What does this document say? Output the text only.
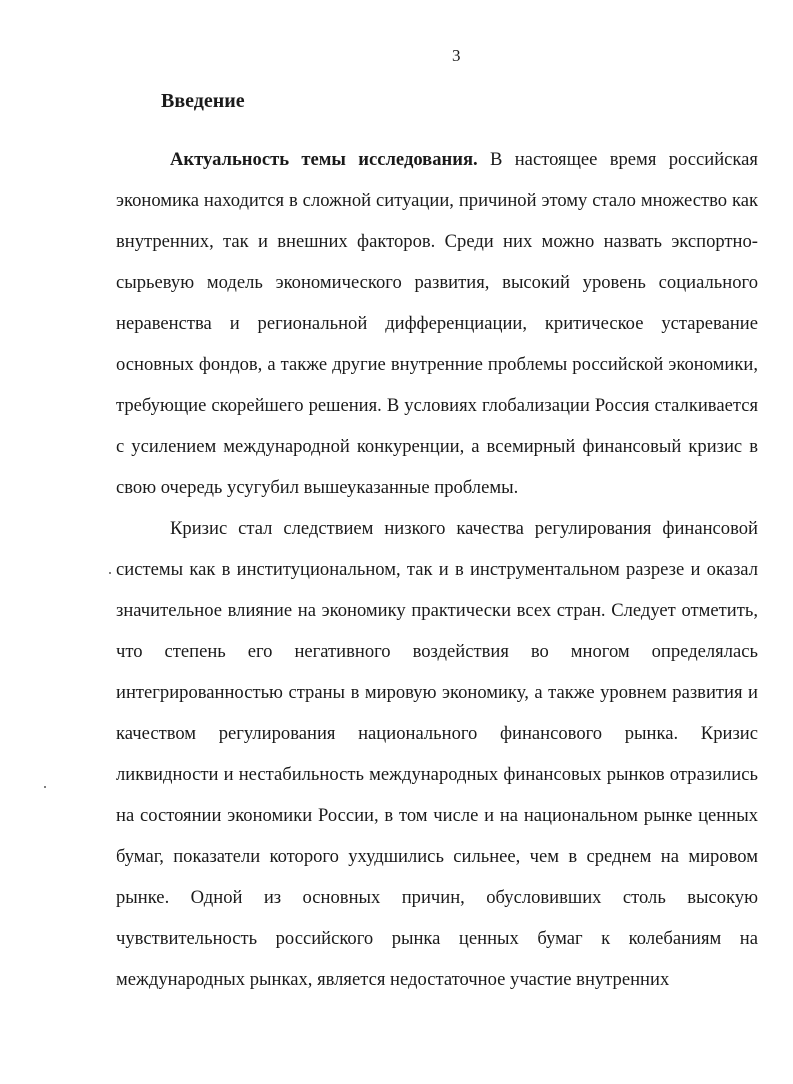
3
Введение

Актуальность темы исследования. В настоящее время российская экономика находится в сложной ситуации, причиной этому стало множество как внутренних, так и внешних факторов. Среди них можно назвать экспортно-сырьевую модель экономического развития, высокий уровень социального неравенства и региональной дифференциации, критическое устаревание основных фондов, а также другие внутренние проблемы российской экономики, требующие скорейшего решения. В условиях глобализации Россия сталкивается с усилением международной конкуренции, а всемирный финансовый кризис в свою очередь усугубил вышеуказанные проблемы.

Кризис стал следствием низкого качества регулирования финансовой системы как в институциональном, так и в инструментальном разрезе и оказал значительное влияние на экономику практически всех стран. Следует отметить, что степень его негативного воздействия во многом определялась интегрированностью страны в мировую экономику, а также уровнем развития и качеством регулирования национального финансового рынка. Кризис ликвидности и нестабильность международных финансовых рынков отразились на состоянии экономики России, в том числе и на национальном рынке ценных бумаг, показатели которого ухудшились сильнее, чем в среднем на мировом рынке. Одной из основных причин, обусловивших столь высокую чувствительность российского рынка ценных бумаг к колебаниям на международных рынках, является недостаточное участие внутренних
